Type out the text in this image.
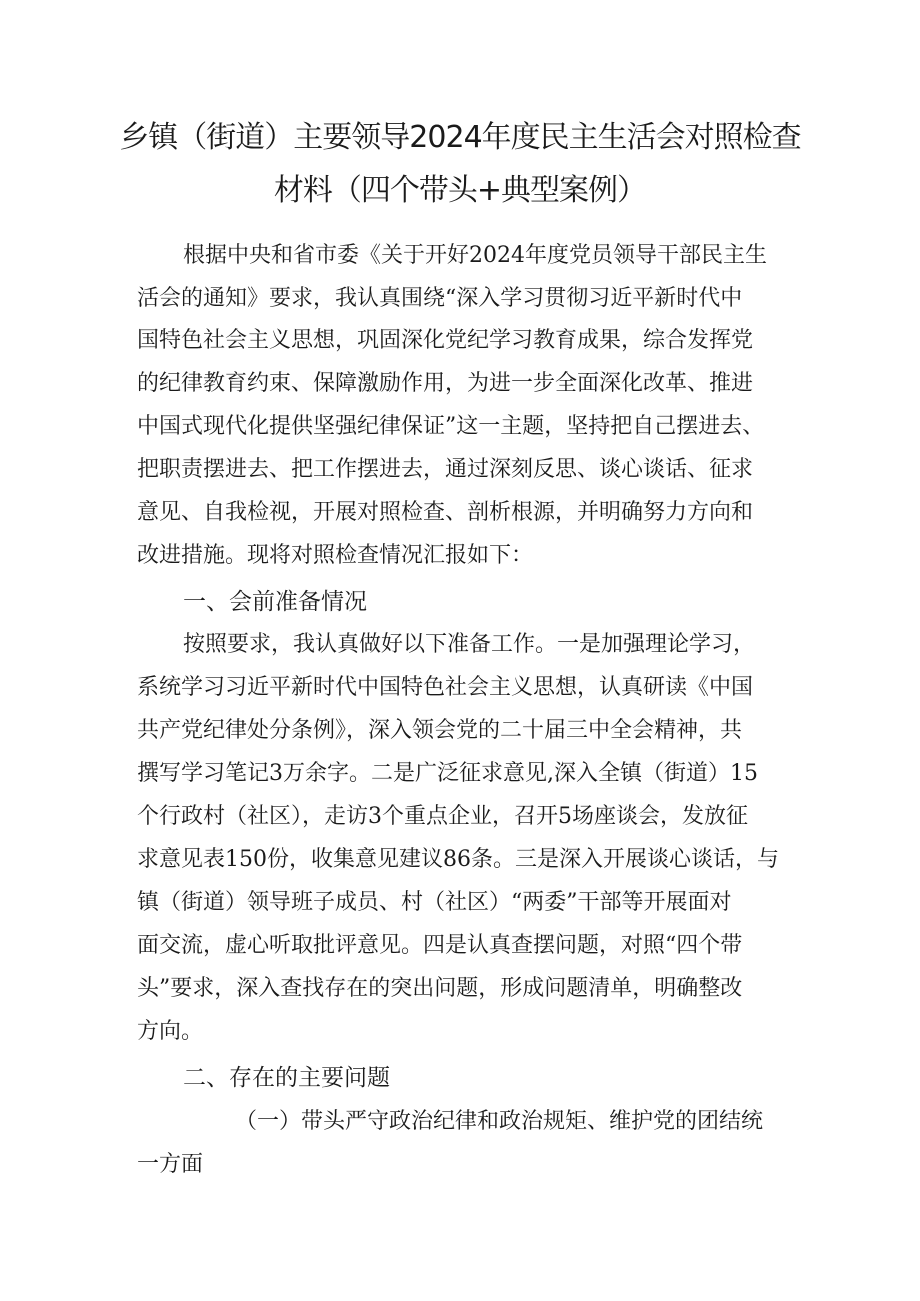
乡镇（街道）主要领导2024年度民主生活会对照检查
材料（四个带头+典型案例）
根据中央和省市委《关于开好2024年度党员领导干部民主生
活会的通知》要求，我认真围绕“深入学习贯彻习近平新时代中
国特色社会主义思想，巩固深化党纪学习教育成果，综合发挥党
的纪律教育约束、保障激励作用，为进一步全面深化改革、推进
中国式现代化提供坚强纪律保证”这一主题，坚持把自己摆进去、
把职责摆进去、把工作摆进去，通过深刻反思、谈心谈话、征求
意见、自我检视，开展对照检查、剖析根源，并明确努力方向和
改进措施。现将对照检查情况汇报如下：
一、会前准备情况
按照要求，我认真做好以下准备工作。一是加强理论学习，
系统学习习近平新时代中国特色社会主义思想，认真研读《中国
共产党纪律处分条例》，深入领会党的二十届三中全会精神，共
撰写学习笔记3万余字。二是广泛征求意见,深入全镇（街道）15
个行政村（社区），走访3个重点企业，召开5场座谈会，发放征
求意见表150份，收集意见建议86条。三是深入开展谈心谈话，与
镇（街道）领导班子成员、村（社区）“两委”干部等开展面对
面交流，虚心听取批评意见。四是认真查摆问题，对照“四个带
头”要求，深入查找存在的突出问题，形成问题清单，明确整改
方向。
二、存在的主要问题
（一）带头严守政治纪律和政治规矩、维护党的团结统
一方面
